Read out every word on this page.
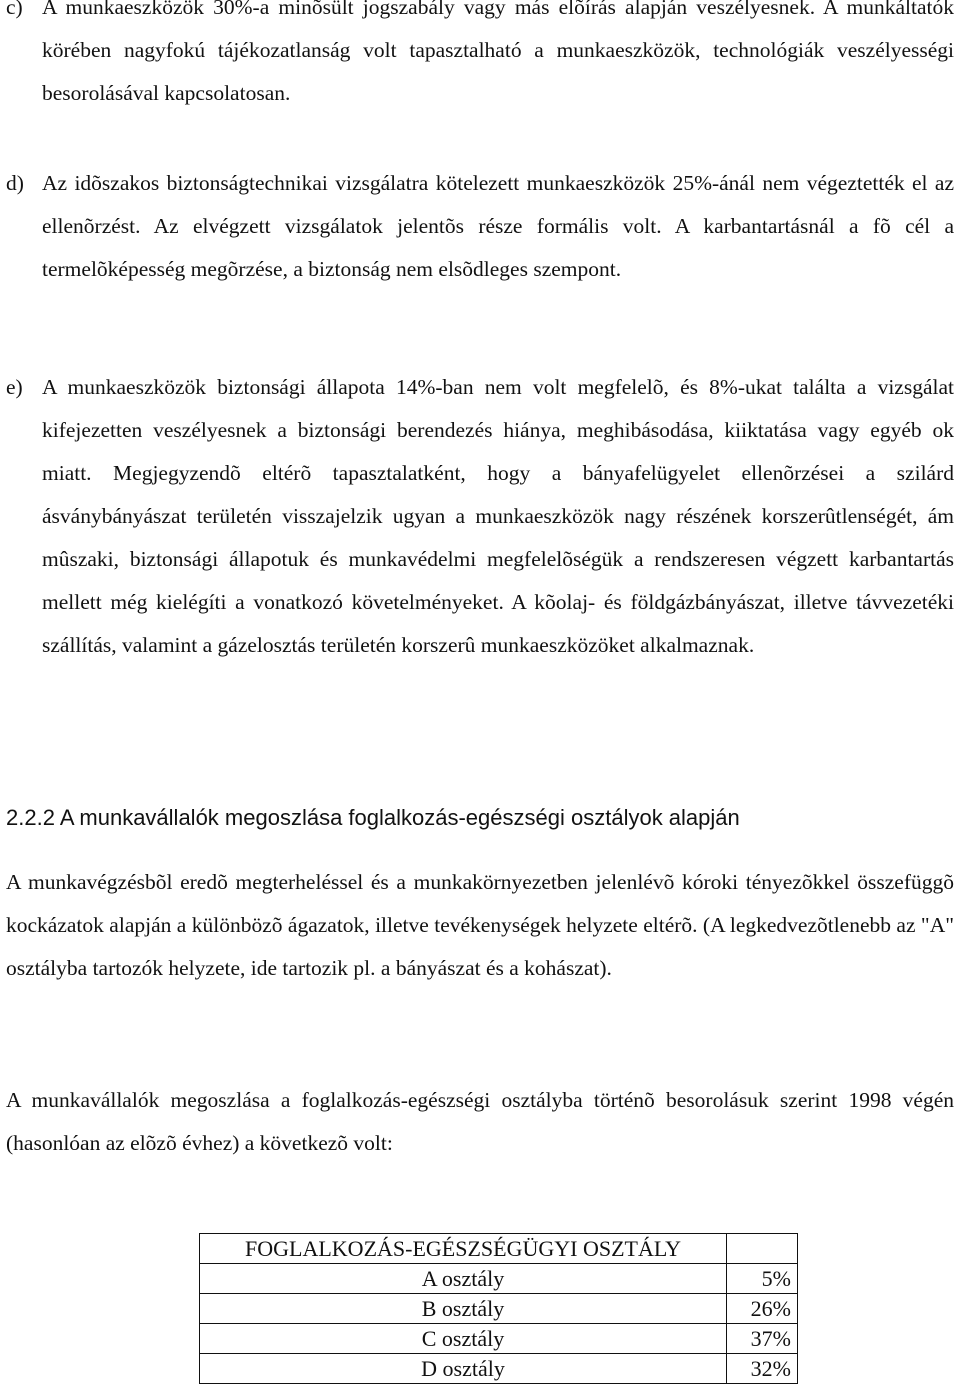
c) A munkaeszközök 30%-a minõsült jogszabály vagy más elõírás alapján veszélyesnek. A munkáltatók körében nagyfokú tájékozatlanság volt tapasztalható a munkaeszközök, technológiák veszélyességi besorolásával kapcsolatosan.
d) Az idõszakos biztonságtechnikai vizsgálatra kötelezett munkaeszközök 25%-ánál nem végeztették el az ellenõrzést. Az elvégzett vizsgálatok jelentõs része formális volt. A karbantartásnál a fõ cél a termelõképesség megõrzése, a biztonság nem elsõdleges szempont.
e) A munkaeszközök biztonsági állapota 14%-ban nem volt megfelelõ, és 8%-ukat találta a vizsgálat kifejezetten veszélyesnek a biztonsági berendezés hiánya, meghibásodása, kiiktatása vagy egyéb ok miatt. Megjegyzendõ eltérõ tapasztalatként, hogy a bányafelügyelet ellenõrzései a szilárd ásványbányászat területén visszajelzik ugyan a munkaeszközök nagy részének korszerûtlenségét, ám mûszaki, biztonsági állapotuk és munkavédelmi megfelelõségük a rendszeresen végzett karbantartás mellett még kielégíti a vonatkozó követelményeket. A kõolaj- és földgázbányászat, illetve távvezetéki szállítás, valamint a gázelosztás területén korszerû munkaeszközöket alkalmaznak.
2.2.2 A munkavállalók megoszlása foglalkozás-egészségi osztályok alapján

A munkavégzésbõl eredõ megterheléssel és a munkakörnyezetben jelenlévõ kóroki tényezõkkel összefüggõ kockázatok alapján a különbözõ ágazatok, illetve tevékenységek helyzete eltérõ. (A legkedvezõtlenebb az "A" osztályba tartozók helyzete, ide tartozik pl. a bányászat és a kohászat).

A munkavállalók megoszlása a foglalkozás-egészségi osztályba történõ besorolásuk szerint 1998 végén (hasonlóan az elõzõ évhez) a következõ volt:

FOGLALKOZÁS-EGÉSZSÉGÜGYI OSZTÁLY	
A osztály	5%
B osztály	26%
C osztály	37%
D osztály	32%
